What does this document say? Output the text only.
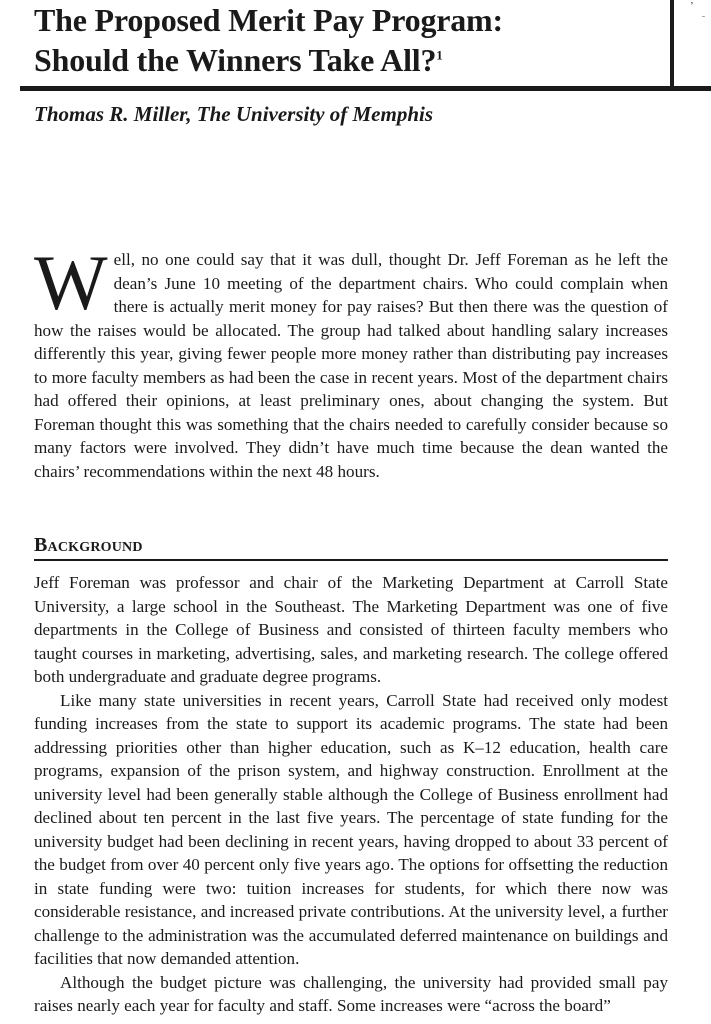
The Proposed Merit Pay Program:
Should the Winners Take All?$^1$
’
ˉ

Thomas R. Miller, The University of Memphis

Well, no one could say that it was dull, thought Dr. Jeff Foreman as he left the dean’s June 10 meeting of the department chairs. Who could complain when there is actually merit money for pay raises? But then there was the question of how the raises would be allocated. The group had talked about handling salary increases differently this year, giving fewer people more money rather than distributing pay increases to more faculty members as had been the case in recent years. Most of the department chairs had offered their opinions, at least preliminary ones, about changing the system. But Foreman thought this was something that the chairs needed to carefully consider because so many factors were involved. They didn’t have much time because the dean wanted the chairs’ recommendations within the next 48 hours.
Background

Jeff Foreman was professor and chair of the Marketing Department at Carroll State University, a large school in the Southeast. The Marketing Department was one of five departments in the College of Business and consisted of thirteen faculty members who taught courses in marketing, advertising, sales, and marketing research. The college offered both undergraduate and graduate degree programs.

Like many state universities in recent years, Carroll State had received only modest funding increases from the state to support its academic programs. The state had been addressing priorities other than higher education, such as K–12 education, health care programs, expansion of the prison system, and highway construction. Enrollment at the university level had been generally stable although the College of Business enrollment had declined about ten percent in the last five years. The percentage of state funding for the university budget had been declining in recent years, having dropped to about 33 percent of the budget from over 40 percent only five years ago. The options for offsetting the reduction in state funding were two: tuition increases for students, for which there now was considerable resistance, and increased private contributions. At the university level, a further challenge to the administration was the accumulated deferred maintenance on buildings and facilities that now demanded attention.

Although the budget picture was challenging, the university had provided small pay raises nearly each year for faculty and staff. Some increases were “across the board”
